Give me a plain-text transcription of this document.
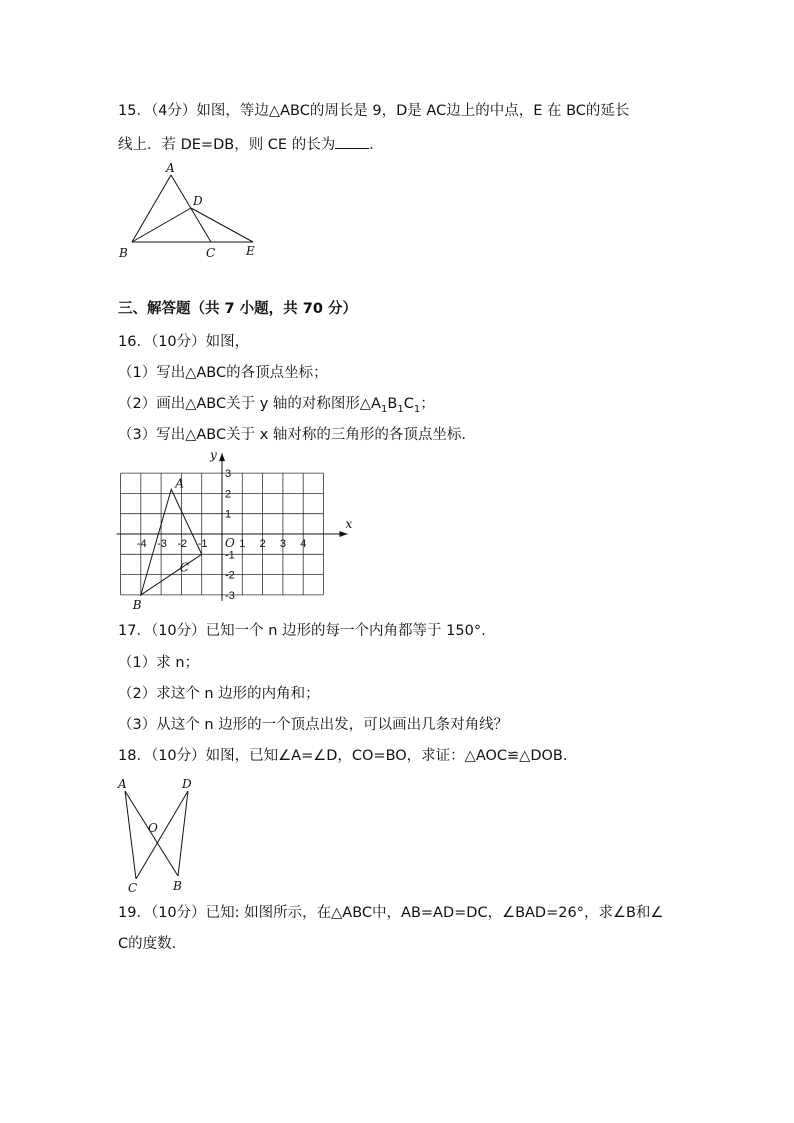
15．（4分）如图，等边△ABC的周长是 9，D是 AC边上的中点，E 在 BC的延长
线上．若 DE=DB，则 CE 的长为 ．
A
D
B	C	E
三、解答题（共 7 小题，共 70 分）
16．（10分）如图，
（1）写出△ABC的各顶点坐标；
（2）画出△ABC关于 y 轴的对称图形$\triangle A_1B_1C_1$；
（3）写出△ABC关于 x 轴对称的三角形的各顶点坐标.
x
y
O
-4 -3 -2 -1	1 2 3 4
3
2
1
-1
-2
-3
A
B
C
17．（10分）已知一个 n 边形的每一个内角都等于 150°.
（1）求 n；
（2）求这个 n 边形的内角和；
（3）从这个 n 边形的一个顶点出发，可以画出几条对角线？
18．（10分）如图，已知∠A=∠D，CO=BO，求证：△AOC≌△DOB.
A	D
O
C	B
19．（10分）已知: 如图所示，在△ABC中，AB=AD=DC，∠BAD=26°，求∠B和∠
C的度数.
